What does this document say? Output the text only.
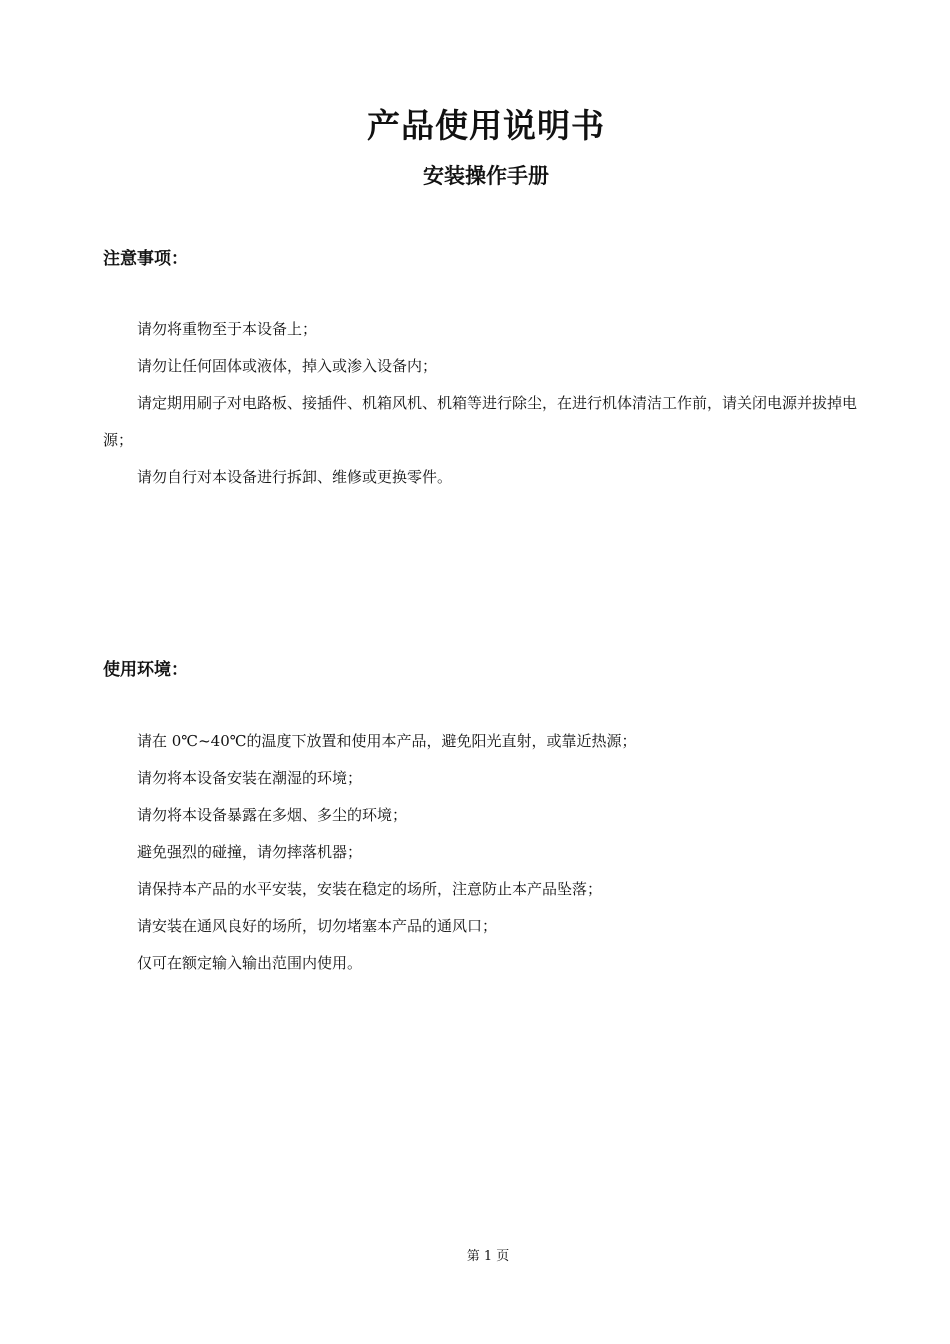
产品使用说明书
安装操作手册
注意事项：

请勿将重物至于本设备上；

请勿让任何固体或液体，掉入或渗入设备内；

请定期用刷子对电路板、接插件、机箱风机、机箱等进行除尘，在进行机体清洁工作前，请关闭电源并拔掉电源；

请勿自行对本设备进行拆卸、维修或更换零件。

使用环境：

请在 0℃~40℃的温度下放置和使用本产品，避免阳光直射，或靠近热源；

请勿将本设备安装在潮湿的环境；

请勿将本设备暴露在多烟、多尘的环境；

避免强烈的碰撞，请勿摔落机器；

请保持本产品的水平安装，安装在稳定的场所，注意防止本产品坠落；

请安装在通风良好的场所，切勿堵塞本产品的通风口；

仅可在额定输入输出范围内使用。

第 1 页
